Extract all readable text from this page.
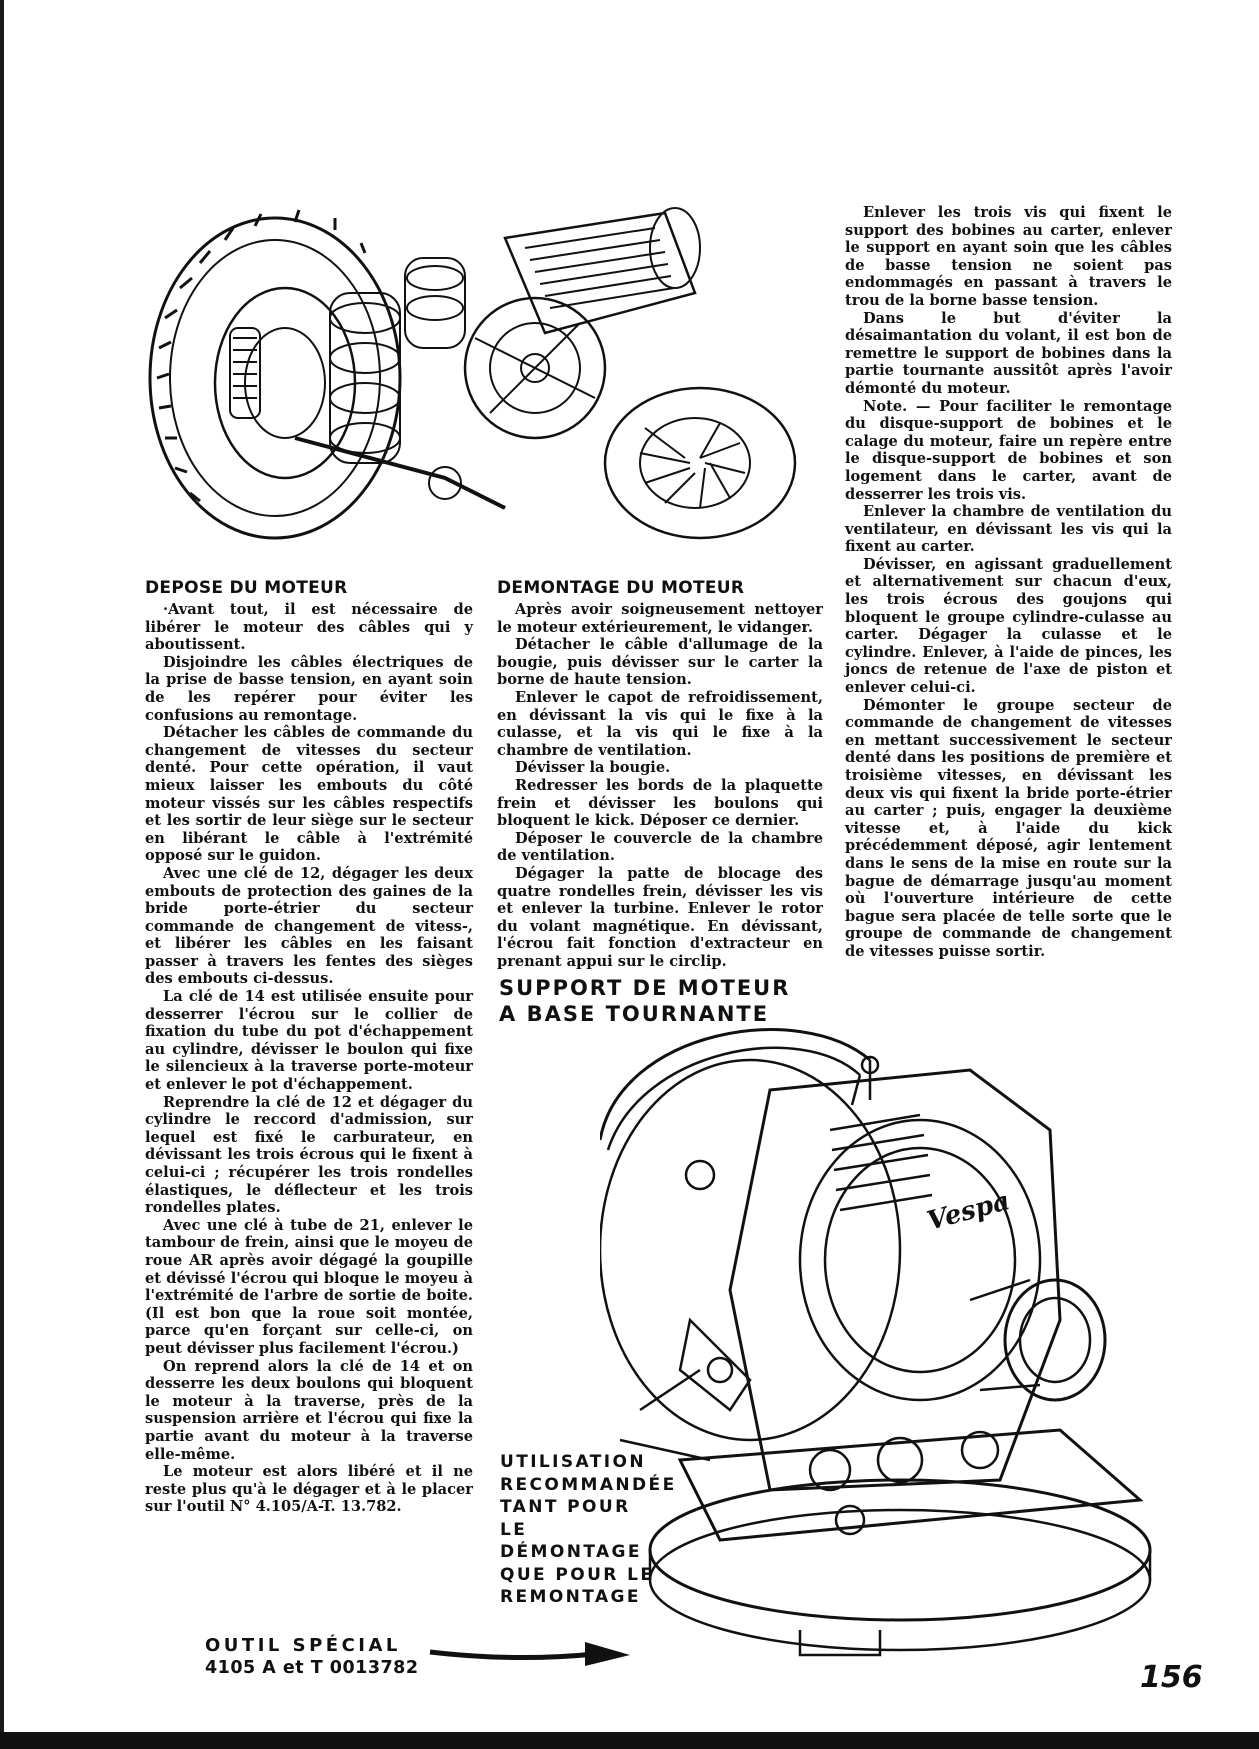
Enlever les trois vis qui fixent le support des bobines au carter, enlever le support en ayant soin que les câbles de basse tension ne soient pas endommagés en passant à travers le trou de la borne basse tension.

Dans le but d'éviter la désaimantation du volant, il est bon de remettre le support de bobines dans la partie tournante aussitôt après l'avoir démonté du moteur.

Note. — Pour faciliter le remontage du disque-support de bobines et le calage du moteur, faire un repère entre le disque-support de bobines et son logement dans le carter, avant de desserrer les trois vis.

Enlever la chambre de ventilation du ventilateur, en dévissant les vis qui la fixent au carter.

Dévisser, en agissant graduellement et alternativement sur chacun d'eux, les trois écrous des goujons qui bloquent le groupe cylindre-culasse au carter. Dégager la culasse et le cylindre. Enlever, à l'aide de pinces, les joncs de retenue de l'axe de piston et enlever celui-ci.

Démonter le groupe secteur de commande de changement de vitesses en mettant successivement le secteur denté dans les positions de première et troisième vitesses, en dévissant les deux vis qui fixent la bride porte-étrier au carter ; puis, engager la deuxième vitesse et, à l'aide du kick précédemment déposé, agir lentement dans le sens de la mise en route sur la bague de démarrage jusqu'au moment où l'ouverture intérieure de cette bague sera placée de telle sorte que le groupe de commande de changement de vitesses puisse sortir.

DEPOSE DU MOTEUR

·Avant tout, il est nécessaire de libérer le moteur des câbles qui y aboutissent.

Disjoindre les câbles électriques de la prise de basse tension, en ayant soin de les repérer pour éviter les confusions au remontage.

Détacher les câbles de commande du changement de vitesses du secteur denté. Pour cette opération, il vaut mieux laisser les embouts du côté moteur vissés sur les câbles respectifs et les sortir de leur siège sur le secteur en libérant le câble à l'extrémité opposé sur le guidon.

Avec une clé de 12, dégager les deux embouts de protection des gaines de la bride porte-étrier du secteur commande de changement de vitess-, et libérer les câbles en les faisant passer à travers les fentes des sièges des embouts ci-dessus.

La clé de 14 est utilisée ensuite pour desserrer l'écrou sur le collier de fixation du tube du pot d'échappement au cylindre, dévisser le boulon qui fixe le silencieux à la traverse porte-moteur et enlever le pot d'échappement.

Reprendre la clé de 12 et dégager du cylindre le reccord d'admission, sur lequel est fixé le carburateur, en dévissant les trois écrous qui le fixent à celui-ci ; récupérer les trois rondelles élastiques, le déflecteur et les trois rondelles plates.

Avec une clé à tube de 21, enlever le tambour de frein, ainsi que le moyeu de roue AR après avoir dégagé la goupille et dévissé l'écrou qui bloque le moyeu à l'extrémité de l'arbre de sortie de boite. (Il est bon que la roue soit montée, parce qu'en forçant sur celle-ci, on peut dévisser plus facilement l'écrou.)

On reprend alors la clé de 14 et on desserre les deux boulons qui bloquent le moteur à la traverse, près de la suspension arrière et l'écrou qui fixe la partie avant du moteur à la traverse elle-même.

Le moteur est alors libéré et il ne reste plus qu'à le dégager et à le placer sur l'outil N° 4.105/A-T. 13.782.

DEMONTAGE DU MOTEUR

Après avoir soigneusement nettoyer le moteur extérieurement, le vidanger.

Détacher le câble d'allumage de la bougie, puis dévisser sur le carter la borne de haute tension.

Enlever le capot de refroidissement, en dévissant la vis qui le fixe à la culasse, et la vis qui le fixe à la chambre de ventilation.

Dévisser la bougie.

Redresser les bords de la plaquette frein et dévisser les boulons qui bloquent le kick. Déposer ce dernier.

Déposer le couvercle de la chambre de ventilation.

Dégager la patte de blocage des quatre rondelles frein, dévisser les vis et enlever la turbine. Enlever le rotor du volant magnétique. En dévissant, l'écrou fait fonction d'extracteur en prenant appui sur le circlip.

SUPPORT DE MOTEUR
A BASE TOURNANTE
Vespa
UTILISATION
RECOMMANDÉE
TANT POUR LE
DÉMONTAGE
QUE POUR LE
REMONTAGE
OUTIL SPÉCIAL
4105 A et T 0013782	156
